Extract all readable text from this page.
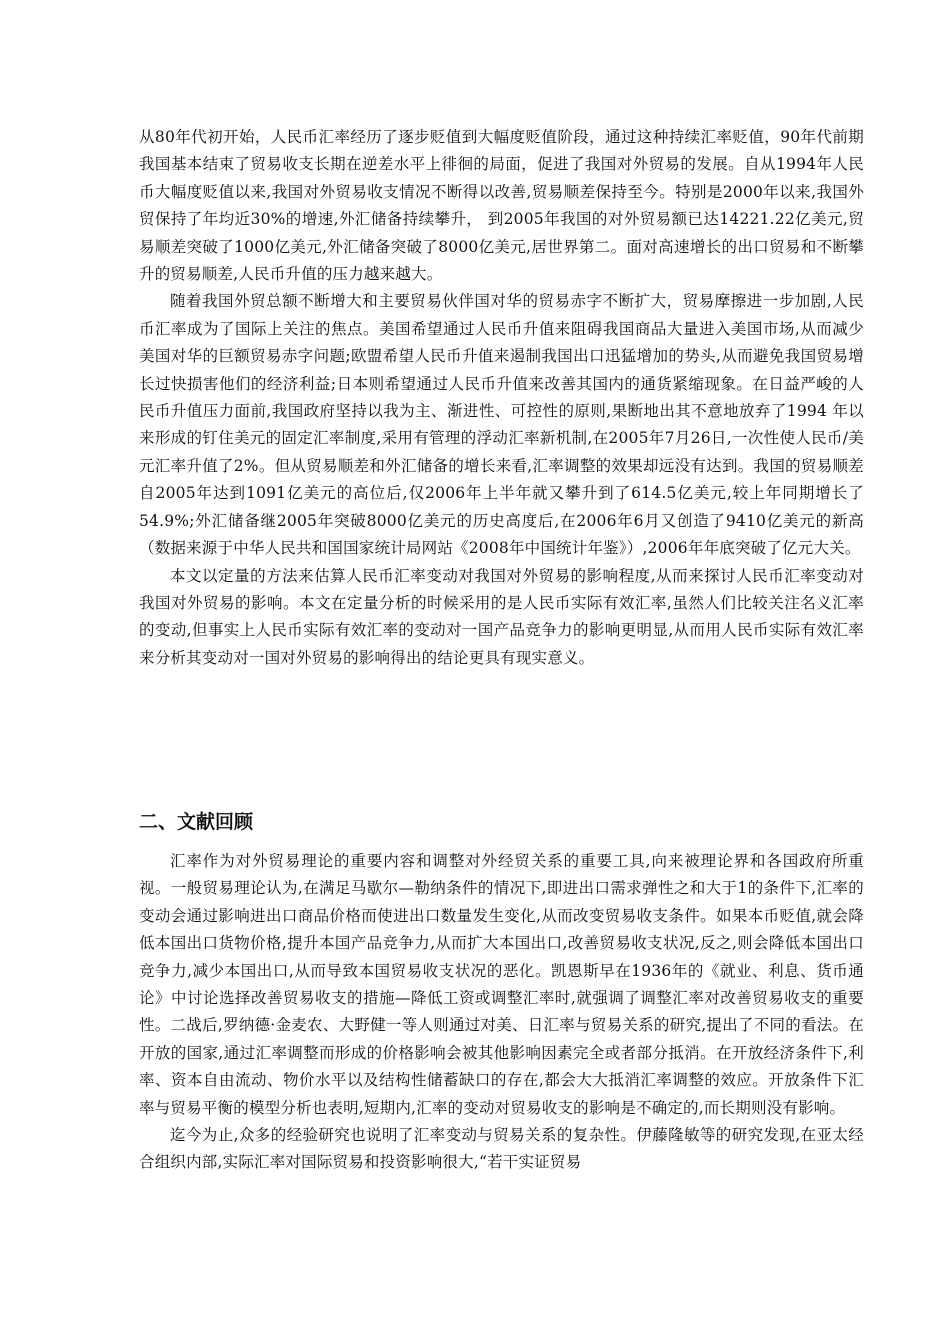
从80年代初开始，人民币汇率经历了逐步贬值到大幅度贬值阶段，通过这种持续汇率贬值，90年代前期我国基本结束了贸易收支长期在逆差水平上徘徊的局面，促进了我国对外贸易的发展。自从1994年人民币大幅度贬值以来,我国对外贸易收支情况不断得以改善,贸易顺差保持至今。特别是2000年以来,我国外贸保持了年均近30%的增速,外汇储备持续攀升， 到2005年我国的对外贸易额已达14221.22亿美元,贸易顺差突破了1000亿美元,外汇储备突破了8000亿美元,居世界第二。面对高速增长的出口贸易和不断攀升的贸易顺差,人民币升值的压力越来越大。

随着我国外贸总额不断增大和主要贸易伙伴国对华的贸易赤字不断扩大，贸易摩擦进一步加剧,人民币汇率成为了国际上关注的焦点。美国希望通过人民币升值来阻碍我国商品大量进入美国市场,从而减少美国对华的巨额贸易赤字问题;欧盟希望人民币升值来遏制我国出口迅猛增加的势头,从而避免我国贸易增长过快损害他们的经济利益;日本则希望通过人民币升值来改善其国内的通货紧缩现象。在日益严峻的人民币升值压力面前,我国政府坚持以我为主、渐进性、可控性的原则,果断地出其不意地放弃了1994 年以来形成的钉住美元的固定汇率制度,采用有管理的浮动汇率新机制,在2005年7月26日,一次性使人民币/美元汇率升值了2%。但从贸易顺差和外汇储备的增长来看,汇率调整的效果却远没有达到。我国的贸易顺差自2005年达到1091亿美元的高位后,仅2006年上半年就又攀升到了614.5亿美元,较上年同期增长了54.9%;外汇储备继2005年突破8000亿美元的历史高度后,在2006年6月又创造了9410亿美元的新高（数据来源于中华人民共和国国家统计局网站《2008年中国统计年鉴》）,2006年年底突破了亿元大关。

本文以定量的方法来估算人民币汇率变动对我国对外贸易的影响程度,从而来探讨人民币汇率变动对我国对外贸易的影响。本文在定量分析的时候采用的是人民币实际有效汇率,虽然人们比较关注名义汇率的变动,但事实上人民币实际有效汇率的变动对一国产品竞争力的影响更明显,从而用人民币实际有效汇率来分析其变动对一国对外贸易的影响得出的结论更具有现实意义。

二、文献回顾

汇率作为对外贸易理论的重要内容和调整对外经贸关系的重要工具,向来被理论界和各国政府所重视。一般贸易理论认为,在满足马歇尔—勒纳条件的情况下,即进出口需求弹性之和大于1的条件下,汇率的变动会通过影响进出口商品价格而使进出口数量发生变化,从而改变贸易收支条件。如果本币贬值,就会降低本国出口货物价格,提升本国产品竞争力,从而扩大本国出口,改善贸易收支状况,反之,则会降低本国出口竞争力,减少本国出口,从而导致本国贸易收支状况的恶化。凯恩斯早在1936年的《就业、利息、货币通论》中讨论选择改善贸易收支的措施—降低工资或调整汇率时,就强调了调整汇率对改善贸易收支的重要性。二战后,罗纳德·金麦农、大野健一等人则通过对美、日汇率与贸易关系的研究,提出了不同的看法。在开放的国家,通过汇率调整而形成的价格影响会被其他影响因素完全或者部分抵消。在开放经济条件下,利率、资本自由流动、物价水平以及结构性储蓄缺口的存在,都会大大抵消汇率调整的效应。开放条件下汇率与贸易平衡的模型分析也表明,短期内,汇率的变动对贸易收支的影响是不确定的,而长期则没有影响。

迄今为止,众多的经验研究也说明了汇率变动与贸易关系的复杂性。伊藤隆敏等的研究发现,在亚太经合组织内部,实际汇率对国际贸易和投资影响很大,“若干实证贸易
